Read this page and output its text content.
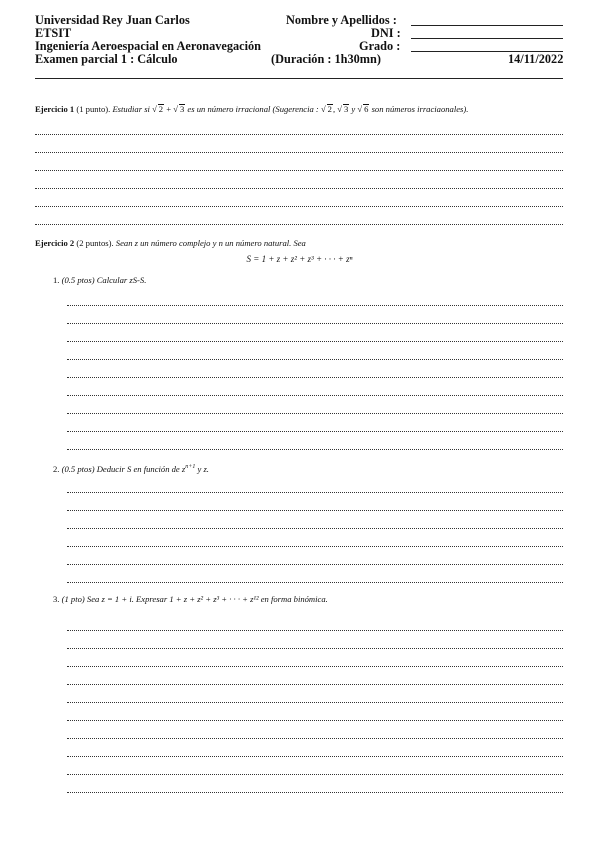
Universidad Rey Juan Carlos
ETSIT
Ingeniería Aeroespacial en Aeronavegación
Examen parcial 1 : Cálculo
Nombre y Apellidos :
DNI :
Grado :
(Duración : 1h30mn)	14/11/2022
Ejercicio 1 (1 punto). Estudiar si √ 2 + √ 3 es un número irracional (Sugerencia : √ 2, √ 3 y √ 6 son números irraciaonales).
Ejercicio 2 (2 puntos). Sean z un número complejo y n un número natural. Sea
S = 1 + z + z² + z³ + · · · + zⁿ
1. (0.5 ptos) Calcular zS-S.
2. (0.5 ptos) Deducir S en función de $z^{n+1}$ y z.
3. (1 pto) Sea z = 1 + i. Expresar 1 + z + z² + z³ + · · · + z¹² en forma binómica.
